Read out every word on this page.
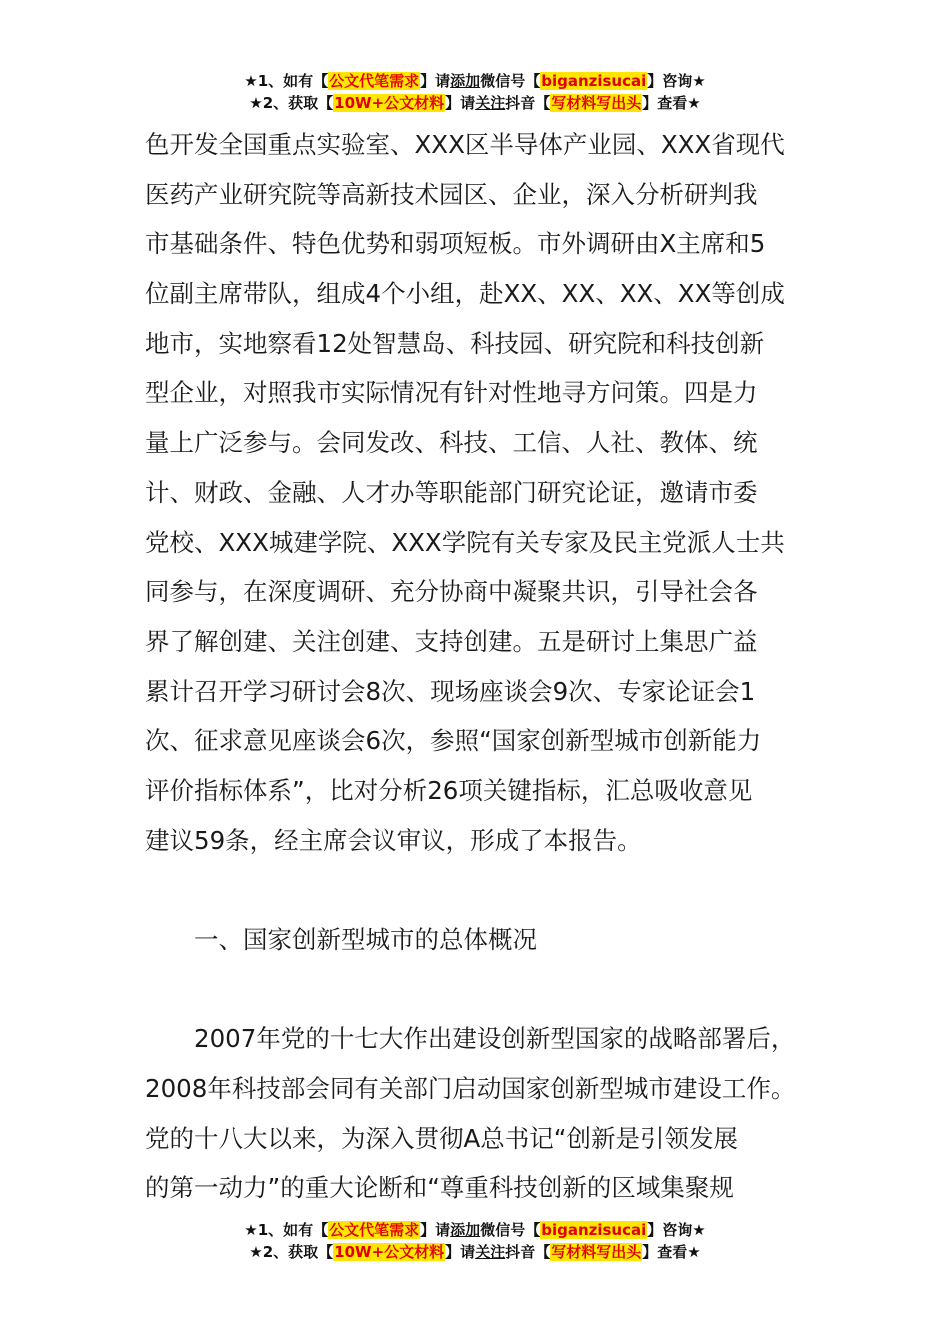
★1、如有【公文代笔需求】请添加微信号【biganzisucai】咨询★
★2、获取【10W+公文材料】请关注抖音【写材料写出头】查看★
色开发全国重点实验室、XXX区半导体产业园、XXX省现代
医药产业研究院等高新技术园区、企业，深入分析研判我
市基础条件、特色优势和弱项短板。市外调研由X主席和5
位副主席带队，组成4个小组，赴XX、XX、XX、XX等创成
地市，实地察看12处智慧岛、科技园、研究院和科技创新
型企业，对照我市实际情况有针对性地寻方问策。四是力
量上广泛参与。会同发改、科技、工信、人社、教体、统
计、财政、金融、人才办等职能部门研究论证，邀请市委
党校、XXX城建学院、XXX学院有关专家及民主党派人士共
同参与，在深度调研、充分协商中凝聚共识，引导社会各
界了解创建、关注创建、支持创建。五是研讨上集思广益
累计召开学习研讨会8次、现场座谈会9次、专家论证会1
次、征求意见座谈会6次，参照“国家创新型城市创新能力
评价指标体系”，比对分析26项关键指标，汇总吸收意见
建议59条，经主席会议审议，形成了本报告。
一、国家创新型城市的总体概况
2007年党的十七大作出建设创新型国家的战略部署后，
2008年科技部会同有关部门启动国家创新型城市建设工作。
党的十八大以来，为深入贯彻A总书记“创新是引领发展
的第一动力”的重大论断和“尊重科技创新的区域集聚规
★1、如有【公文代笔需求】请添加微信号【biganzisucai】咨询★
★2、获取【10W+公文材料】请关注抖音【写材料写出头】查看★
